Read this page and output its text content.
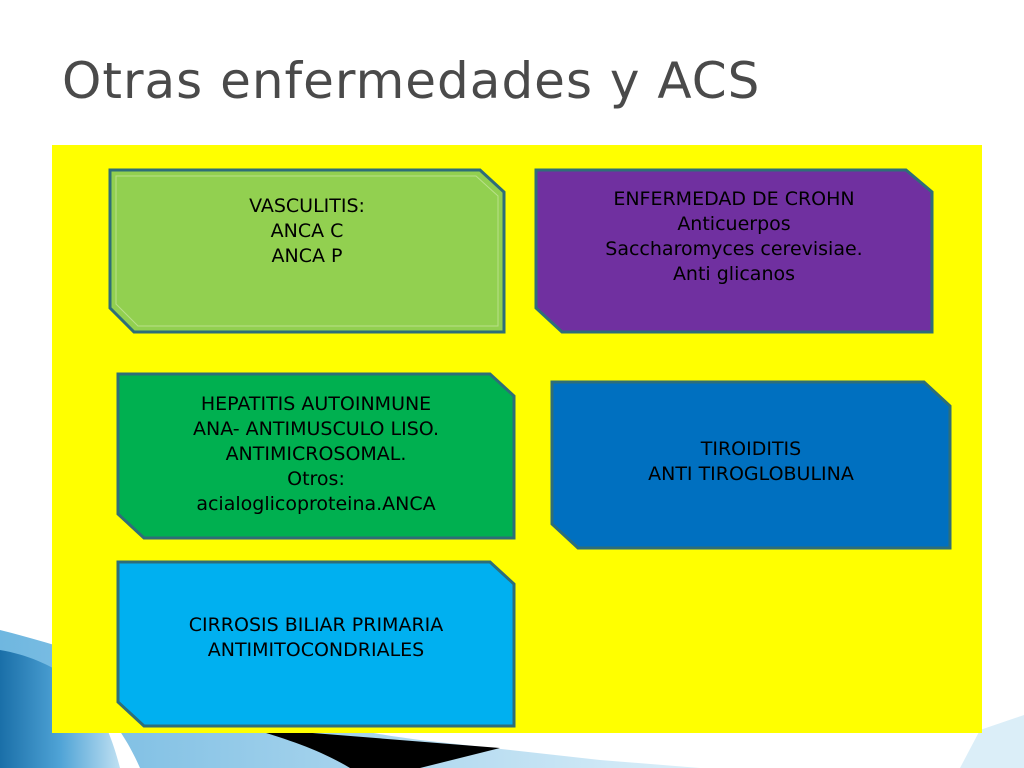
Otras enfermedades y ACS
VASCULITIS:
ANCA C
ANCA P
ENFERMEDAD DE CROHN
Anticuerpos
Saccharomyces cerevisiae.
Anti glicanos
HEPATITIS AUTOINMUNE
ANA- ANTIMUSCULO LISO.
ANTIMICROSOMAL.
Otros:
acialoglicoproteina.ANCA
TIROIDITIS
ANTI TIROGLOBULINA
CIRROSIS BILIAR PRIMARIA
ANTIMITOCONDRIALES
